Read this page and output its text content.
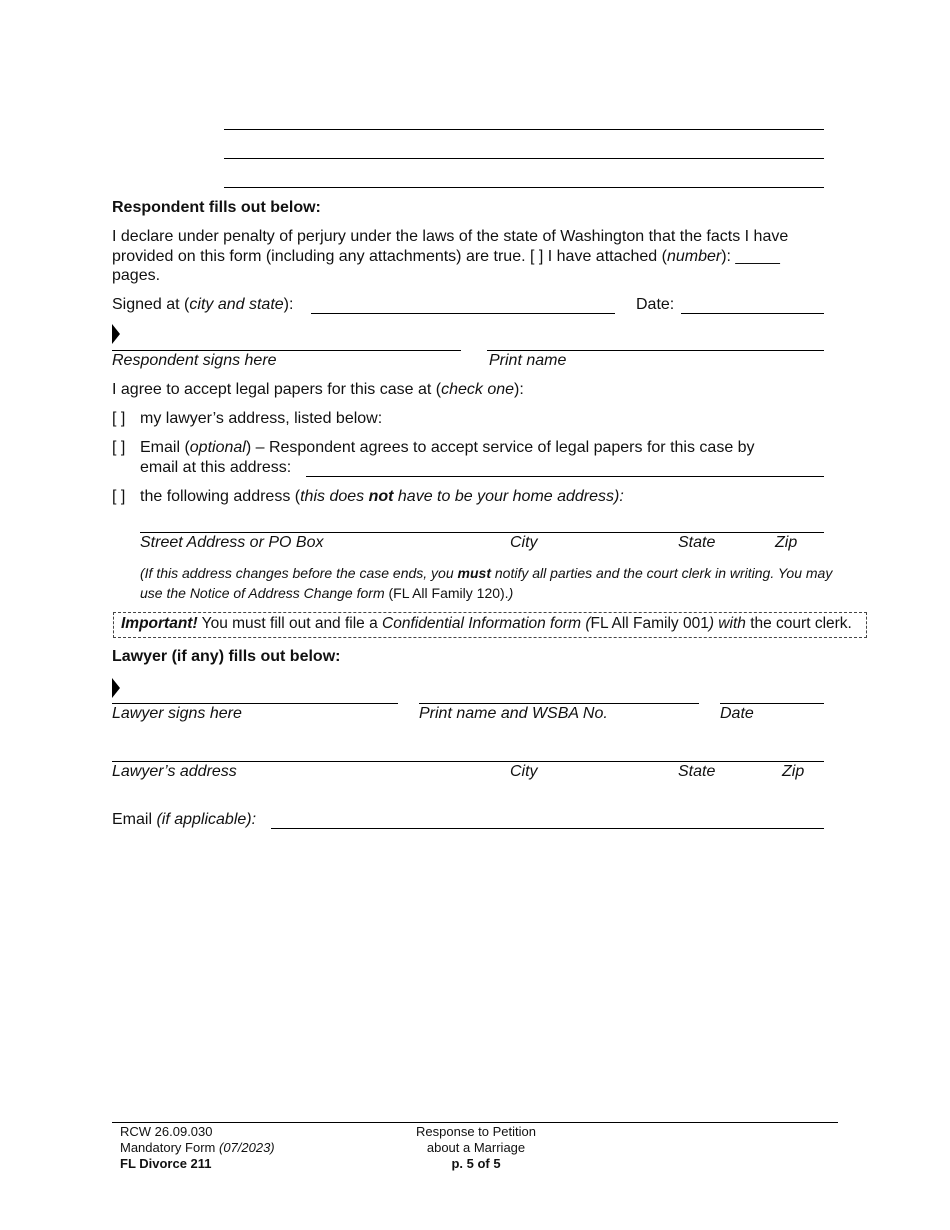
Respondent fills out below:
I declare under penalty of perjury under the laws of the state of Washington that the facts I have
provided on this form (including any attachments) are true. [ ] I have attached (number): _____
pages.
Signed at (city and state):	Date:
Respondent signs here	Print name
I agree to accept legal papers for this case at (check one):
[ ] my lawyer’s address, listed below:
[ ] Email (optional) – Respondent agrees to accept service of legal papers for this case by
email at this address:
[ ] the following address (this does not have to be your home address):
Street Address or PO Box	City	State	Zip
(If this address changes before the case ends, you must notify all parties and the court clerk in writing. You may
use the Notice of Address Change form (FL All Family 120).)
Important! You must fill out and file a Confidential Information form (FL All Family 001) with the court clerk.
Lawyer (if any) fills out below:
Lawyer signs here	Print name and WSBA No.	Date
Lawyer’s address	City	State	Zip
Email (if applicable):
RCW 26.09.030
Mandatory Form (07/2023)
FL Divorce 211
Response to Petition
about a Marriage
p. 5 of 5
